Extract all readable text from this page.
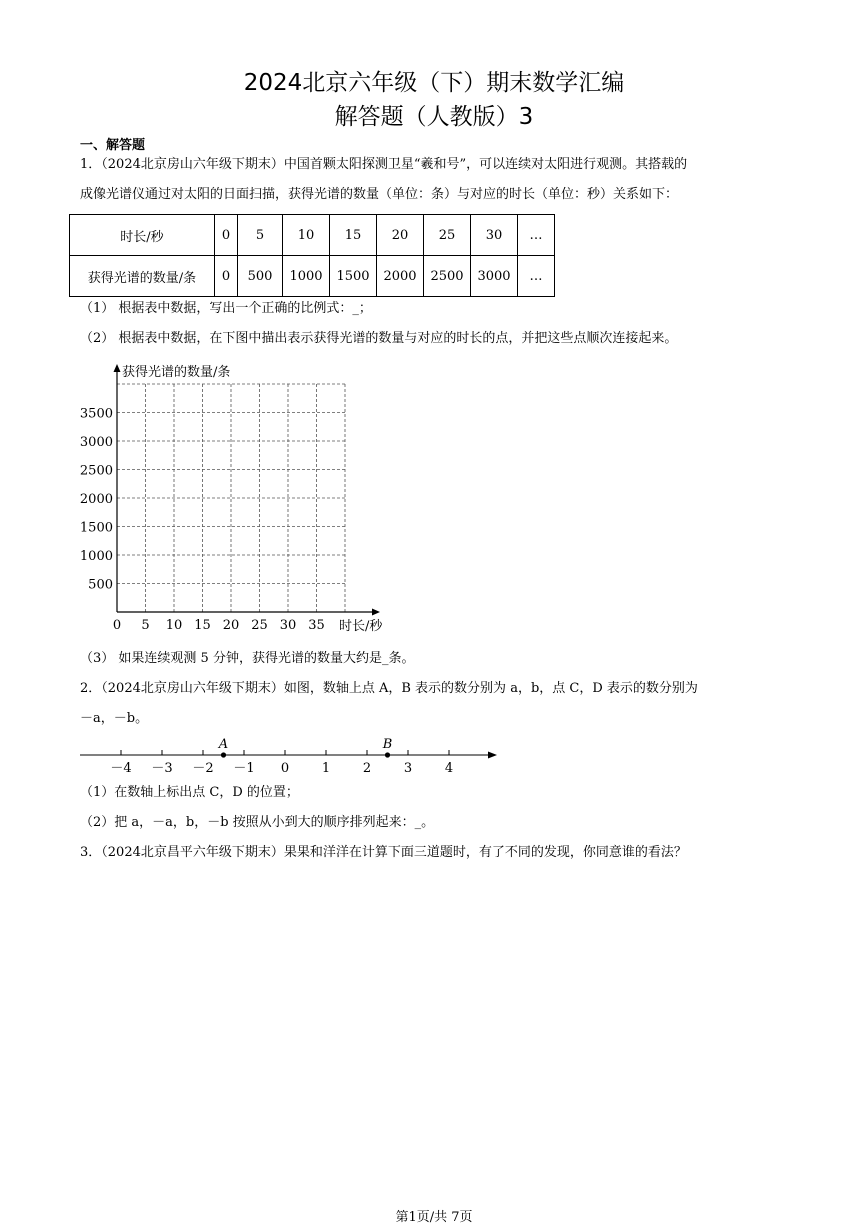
2024北京六年级（下）期末数学汇编
解答题（人教版）3
一、解答题
1．（2024北京房山六年级下期末）中国首颗太阳探测卫星“羲和号”，可以连续对太阳进行观测。其搭载的
成像光谱仪通过对太阳的日面扫描，获得光谱的数量（单位：条）与对应的时长（单位：秒）关系如下：
时长/秒	0	5	10	15	20	25	30	…
获得光谱的数量/条	0	500	1000	1500	2000	2500	3000	…
（1） 根据表中数据，写出一个正确的比例式：_；
（2） 根据表中数据，在下图中描出表示获得光谱的数量与对应的时长的点，并把这些点顺次连接起来。
0 5 10 15 20 25 30 35
500
1000
1500
2000
2500
3000
3500
获得光谱的数量/条
时长/秒
（3） 如果连续观测 5 分钟，获得光谱的数量大约是_条。
2．（2024北京房山六年级下期末）如图，数轴上点 A，B 表示的数分别为 a，b，点 C，D 表示的数分别为
－a，－b。
－4 －3 －2 －1 0	1	2	3	4
A	B
（1）在数轴上标出点 C，D 的位置；
（2）把 a，－a，b，－b 按照从小到大的顺序排列起来：_。
3．（2024北京昌平六年级下期末）果果和洋洋在计算下面三道题时，有了不同的发现，你同意谁的看法？
第1页/共 7页
